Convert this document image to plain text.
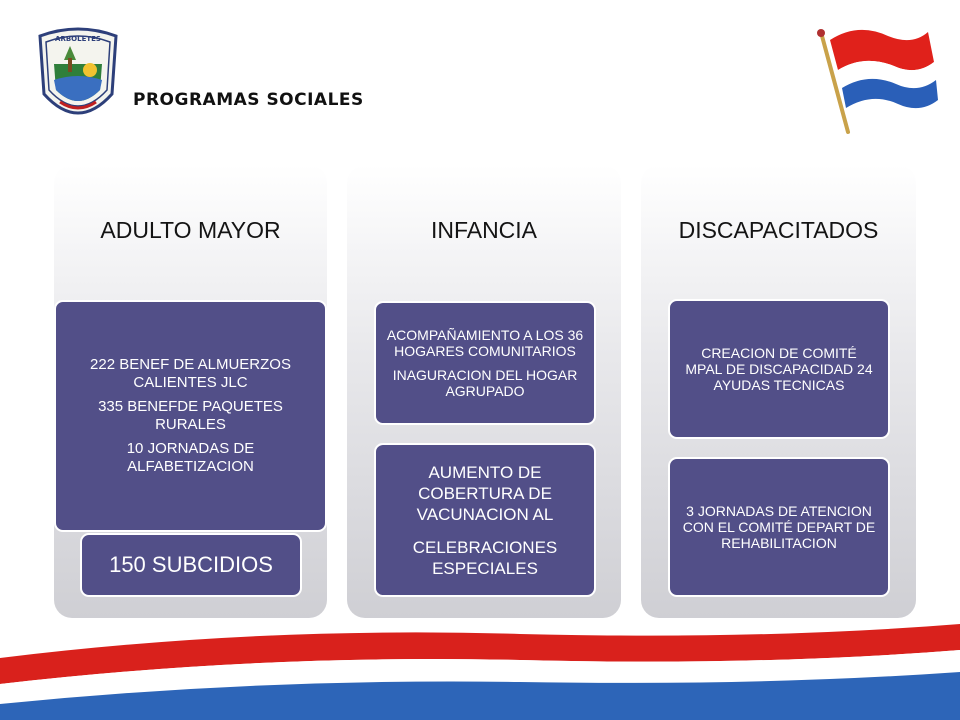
ARBOLETES
PROGRAMAS SOCIALES
ADULTO MAYOR

222 BENEF DE ALMUERZOS CALIENTES JLC

335 BENEFDE PAQUETES RURALES

10 JORNADAS DE ALFABETIZACION

150 SUBCIDIOS

INFANCIA

ACOMPAÑAMIENTO A LOS 36 HOGARES COMUNITARIOS

INAGURACION DEL HOGAR AGRUPADO

AUMENTO DE COBERTURA DE VACUNACION AL

CELEBRACIONES ESPECIALES

DISCAPACITADOS

CREACION DE COMITÉ MPAL DE DISCAPACIDAD 24 AYUDAS TECNICAS

3 JORNADAS DE ATENCION CON EL COMITÉ DEPART DE REHABILITACION
